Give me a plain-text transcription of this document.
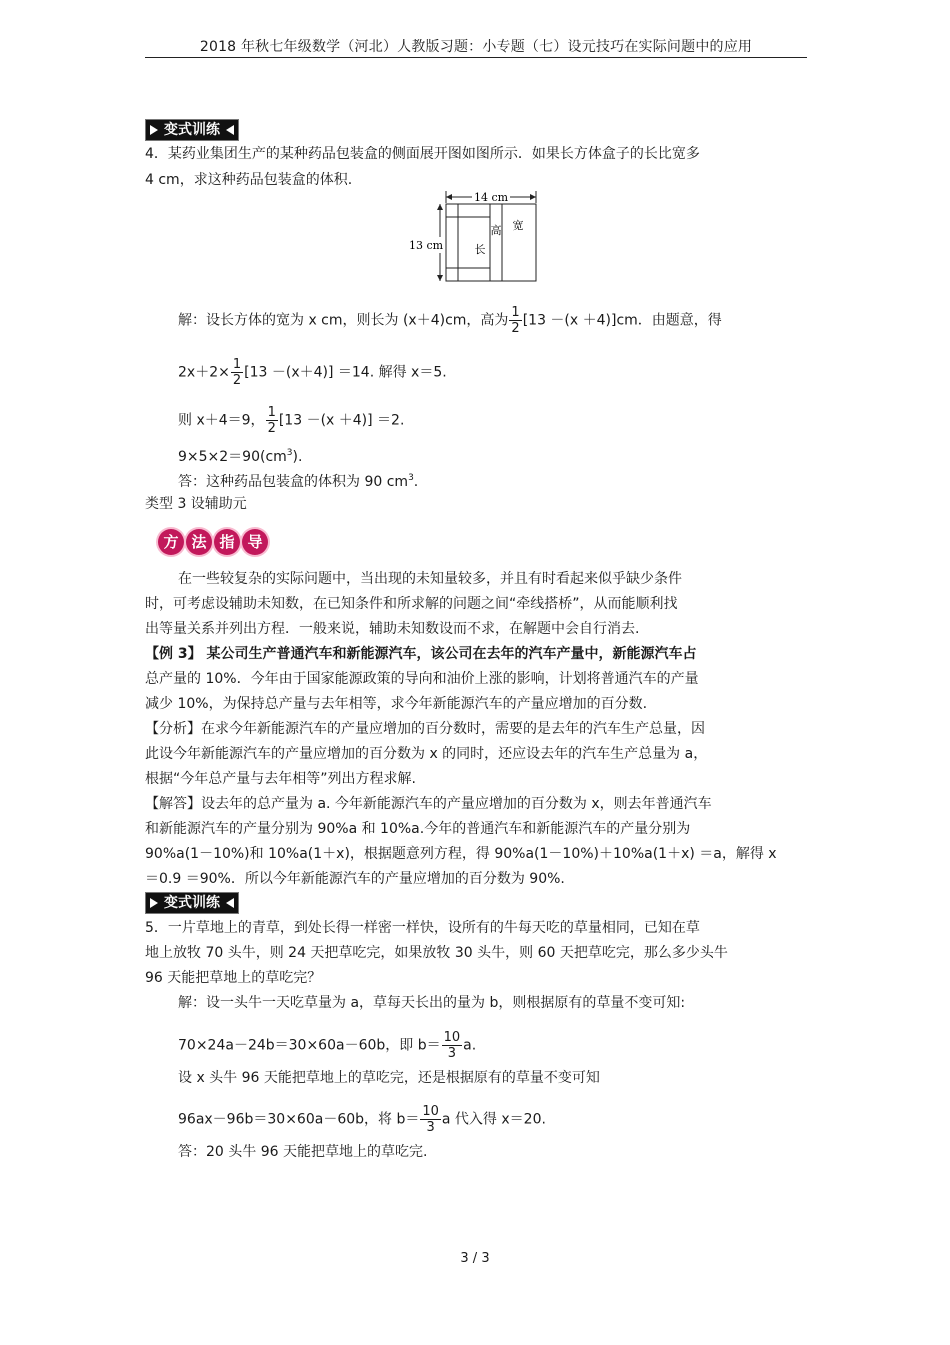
2018 年秋七年级数学（河北）人教版习题：小专题（七）设元技巧在实际问题中的应用
变式训练
4．某药业集团生产的某种药品包装盒的侧面展开图如图所示．如果长方体盒子的长比宽多
4 cm，求这种药品包装盒的体积.
14 cm
13 cm
高 宽
长
解：设长方体的宽为 x cm，则长为 (x＋4)cm，高为 $\frac{1}{2} [13 -(x +4)]cm$．由题意，得
$2x+2\times \frac{1}{2} [13 -(x+4)] =14$. 解得 x＝5.
则 x＋4＝9， $\frac{1}{2} [13 -(x +4)] =2$.
$9\times 5\times 2=90(cm^3)$.
答：这种药品包装盒的体积为 90 $cm^3$.
类型 3 设辅助元
方 法 指 导
在一些较复杂的实际问题中，当出现的未知量较多，并且有时看起来似乎缺少条件
时，可考虑设辅助未知数，在已知条件和所求解的问题之间“牵线搭桥”，从而能顺利找
出等量关系并列出方程．一般来说，辅助未知数设而不求，在解题中会自行消去.
【例 3】 某公司生产普通汽车和新能源汽车，该公司在去年的汽车产量中，新能源汽车占
总产量的 10%．今年由于国家能源政策的导向和油价上涨的影响，计划将普通汽车的产量
减少 10%，为保持总产量与去年相等，求今年新能源汽车的产量应增加的百分数.
【分析】在求今年新能源汽车的产量应增加的百分数时，需要的是去年的汽车生产总量，因
此设今年新能源汽车的产量应增加的百分数为 x 的同时，还应设去年的汽车生产总量为 a，
根据“今年总产量与去年相等”列出方程求解.
【解答】设去年的总产量为 a. 今年新能源汽车的产量应增加的百分数为 x，则去年普通汽车
和新能源汽车的产量分别为 90%a 和 10%a.今年的普通汽车和新能源汽车的产量分别为
90%a(1－10%)和 10%a(1＋x)，根据题意列方程，得 90%a(1－10%)＋10%a(1＋x) ＝a，解得 x
＝0.9 ＝90%．所以今年新能源汽车的产量应增加的百分数为 90%.
变式训练
5．一片草地上的青草，到处长得一样密一样快，设所有的牛每天吃的草量相同，已知在草
地上放牧 70 头牛，则 24 天把草吃完，如果放牧 30 头牛，则 60 天把草吃完，那么多少头牛
96 天能把草地上的草吃完？
解：设一头牛一天吃草量为 a，草每天长出的量为 b，则根据原有的草量不变可知:
70×24a－24b＝30×60a－60b，即 $b= \frac{10}{3} a$.
设 x 头牛 96 天能把草地上的草吃完，还是根据原有的草量不变可知
96ax－96b＝30×60a－60b，将 $b= \frac{10}{3}$ a 代入得 x＝20.
答：20 头牛 96 天能把草地上的草吃完.
3 / 3
